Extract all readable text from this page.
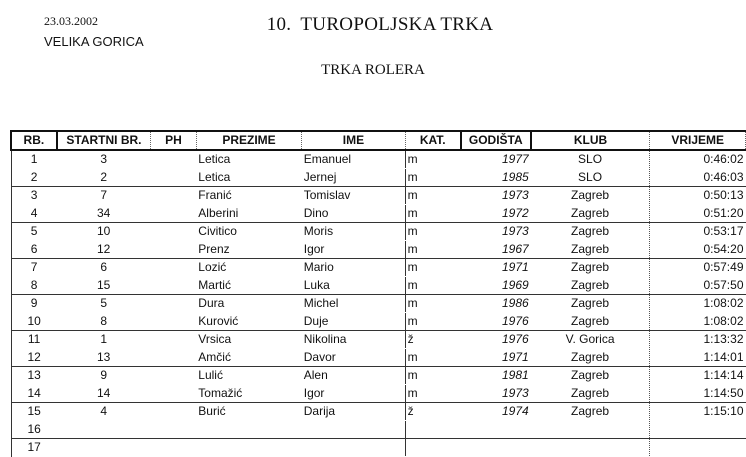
23.03.2002
VELIKA GORICA
10. TUROPOLJSKA TRKA
TRKA ROLERA
RB.	STARTNI BR.	PH	PREZIME	IME	KAT.	GODIŠTA	KLUB	VRIJEME
1	3		Letica	Emanuel	m	1977	SLO	0:46:02
2	2		Letica	Jernej	m	1985	SLO	0:46:03
3	7		Franić	Tomislav	m	1973	Zagreb	0:50:13
4	34		Alberini	Dino	m	1972	Zagreb	0:51:20
5	10		Civitico	Moris	m	1973	Zagreb	0:53:17
6	12		Prenz	Igor	m	1967	Zagreb	0:54:20
7	6		Lozić	Mario	m	1971	Zagreb	0:57:49
8	15		Martić	Luka	m	1969	Zagreb	0:57:50
9	5		Dura	Michel	m	1986	Zagreb	1:08:02
10	8		Kurović	Duje	m	1976	Zagreb	1:08:02
11	1		Vrsica	Nikolina	ž	1976	V. Gorica	1:13:32
12	13		Amčić	Davor	m	1971	Zagreb	1:14:01
13	9		Lulić	Alen	m	1981	Zagreb	1:14:14
14	14		Tomažić	Igor	m	1973	Zagreb	1:14:50
15	4		Burić	Darija	ž	1974	Zagreb	1:15:10
16								
17								
